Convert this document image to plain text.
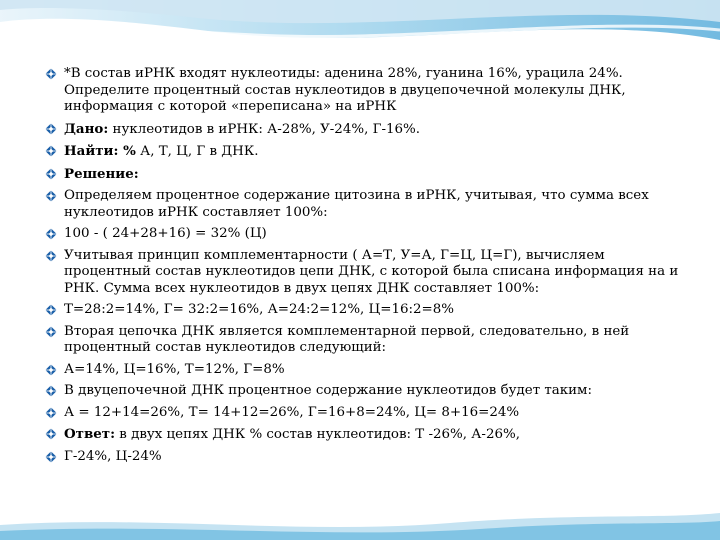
*В состав иРНК входят нуклеотиды: аденина 28%, гуанина 16%, урацила 24%. Определите процентный состав нуклеотидов в двуцепочечной молекулы ДНК, информация с которой «переписана» на иРНК
Дано: нуклеотидов в иРНК: А-28%, У-24%, Г-16%.
Найти: % А, Т, Ц, Г в ДНК.
Решение:
Определяем процентное содержание цитозина в иРНК, учитывая, что сумма всех нуклеотидов иРНК составляет 100%:
100 - ( 24+28+16) = 32% (Ц)
Учитывая принцип комплементарности ( А=Т, У=А, Г=Ц, Ц=Г), вычисляем процентный состав нуклеотидов цепи ДНК, с которой была списана информация на и РНК. Сумма всех нуклеотидов в двух цепях ДНК составляет 100%:
Т=28:2=14%, Г= 32:2=16%, А=24:2=12%, Ц=16:2=8%
Вторая цепочка ДНК является комплементарной первой, следовательно, в ней процентный состав нуклеотидов следующий:
А=14%, Ц=16%, Т=12%, Г=8%
В двуцепочечной ДНК процентное содержание нуклеотидов будет таким:
А = 12+14=26%, Т= 14+12=26%, Г=16+8=24%, Ц= 8+16=24%
Ответ: в двух цепях ДНК % состав нуклеотидов: Т -26%, А-26%,
Г-24%, Ц-24%
